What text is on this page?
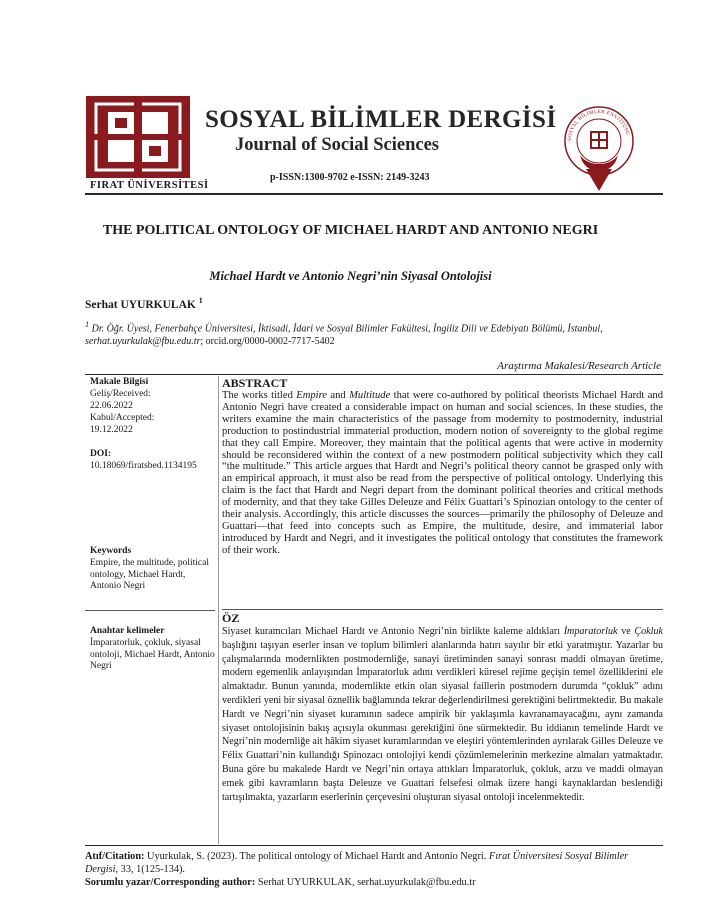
FIRAT ÜNİVERSİTESİ
SOSYAL BİLİMLER DERGİSİ
Journal of Social Sciences
p-ISSN:1300-9702 e-ISSN: 2149-3243
SOSYAL BİLİMLER ENSTİTÜSÜ
THE POLITICAL ONTOLOGY OF MICHAEL HARDT AND ANTONIO NEGRI
Michael Hardt ve Antonio Negri’nin Siyasal Ontolojisi
Serhat UYURKULAK $^1$
$^1$ Dr. Öğr. Üyesi, Fenerbahçe Üniversitesi, İktisadi, İdari ve Sosyal Bilimler Fakültesi, İngiliz Dili ve Edebiyatı Bölümü, İstanbul, serhat.uyurkulak@fbu.edu.tr; orcid.org/0000-0002-7717-5402
Araştırma Makalesi/Research Article
Makale Bilgisi
Geliş/Received:
22.06.2022
Kabul/Accepted:
19.12.2022
DOI:
10.18069/firatsbed.1134195
Keywords
Empire, the multitude, political ontology, Michael Hardt, Antonio Negri
Anahtar kelimeler
İmparatorluk, çokluk, siyasal ontoloji, Michael Hardt, Antonio Negri
ABSTRACT
The works titled Empire and Multitude that were co-authored by political theorists Michael Hardt and Antonio Negri have created a considerable impact on human and social sciences. In these studies, the writers examine the main characteristics of the passage from modernity to postmodernity, industrial production to postindustrial immaterial production, modern notion of sovereignty to the global regime that they call Empire. Moreover, they maintain that the political agents that were active in modernity should be reconsidered within the context of a new postmodern political subjectivity which they call “the multitude.” This article argues that Hardt and Negri’s political theory cannot be grasped only with an empirical approach, it must also be read from the perspective of political ontology. Underlying this claim is the fact that Hardt and Negri depart from the dominant political theories and critical methods of modernity, and that they take Gilles Deleuze and Félix Guattari’s Spinozian ontology to the center of their analysis. Accordingly, this article discusses the sources—primarily the philosophy of Deleuze and Guattari—that feed into concepts such as Empire, the multitude, desire, and immaterial labor introduced by Hardt and Negri, and it investigates the political ontology that constitutes the framework of their work.
ÖZ
Siyaset kuramcıları Michael Hardt ve Antonio Negri’nin birlikte kaleme aldıkları İmparatorluk ve Çokluk başlığını taşıyan eserler insan ve toplum bilimleri alanlarında hatırı sayılır bir etki yaratmıştır. Yazarlar bu çalışmalarında modernlikten postmodernliğe, sanayi üretiminden sanayi sonrası maddi olmayan üretime, modern egemenlik anlayışından İmparatorluk adını verdikleri küresel rejime geçişin temel özelliklerini ele almaktadır. Bunun yanında, modernlikte etkin olan siyasal faillerin postmodern durumda “çokluk” adını verdikleri yeni bir siyasal öznellik bağlamında tekrar değerlendirilmesi gerektiğini belirtmektedir. Bu makale Hardt ve Negri’nin siyaset kuramının sadece ampirik bir yaklaşımla kavranamayacağını, aynı zamanda siyaset ontolojisinin bakış açısıyla okunması gerektiğini öne sürmektedir. Bu iddianın temelinde Hardt ve Negri’nin modernliğe ait hâkim siyaset kuramlarından ve eleştiri yöntemlerinden ayrılarak Gilles Deleuze ve Félix Guattari’nin kullandığı Spinozacı ontolojiyi kendi çözümlemelerinin merkezine almaları yatmaktadır. Buna göre bu makalede Hardt ve Negri’nin ortaya attıkları İmparatorluk, çokluk, arzu ve maddi olmayan emek gibi kavramların başta Deleuze ve Guattari felsefesi olmak üzere hangi kaynaklardan beslendiği tartışılmakta, yazarların eserlerinin çerçevesini oluşturan siyasal ontoloji incelenmektedir.
Atıf/Citation: Uyurkulak, S. (2023). The political ontology of Michael Hardt and Antonio Negri. Fırat Üniversitesi Sosyal Bilimler Dergisi, 33, 1(125-134).
Sorumlu yazar/Corresponding author: Serhat UYURKULAK, serhat.uyurkulak@fbu.edu.tr
